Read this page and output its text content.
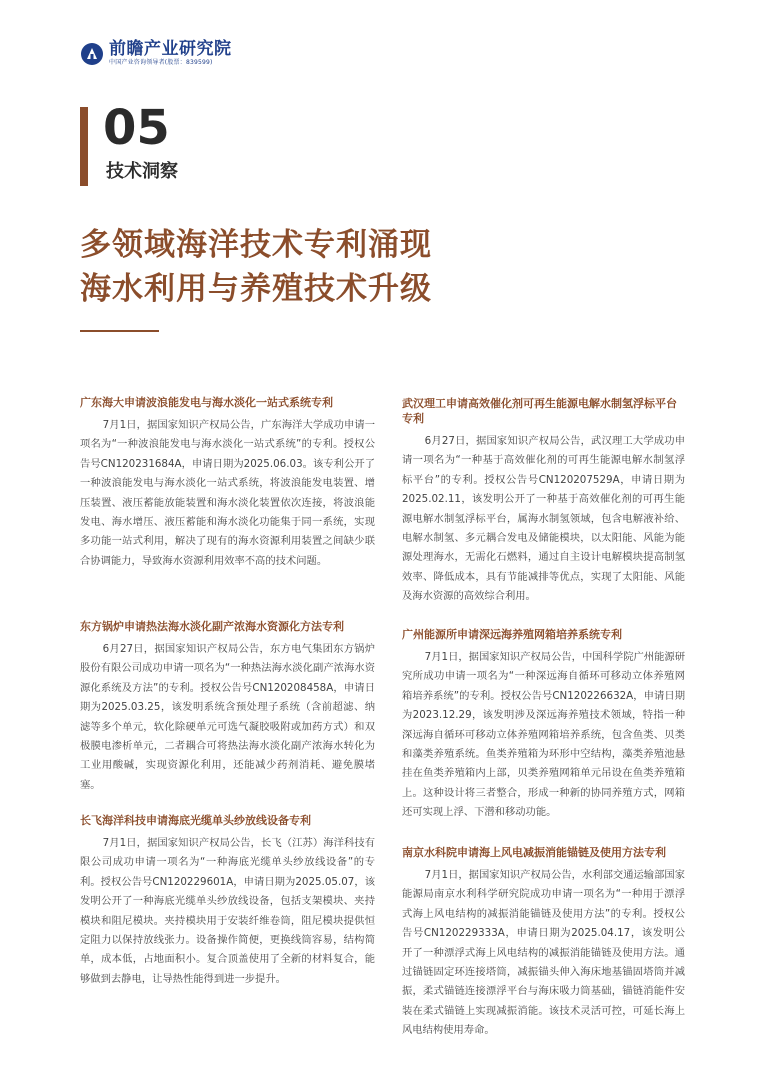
前瞻产业研究院
中国产业咨询领导者(股票：839599)
05
技术洞察
多领域海洋技术专利涌现
海水利用与养殖技术升级

广东海大申请波浪能发电与海水淡化一站式系统专利

7月1日，据国家知识产权局公告，广东海洋大学成功申请一项名为“一种波浪能发电与海水淡化一站式系统”的专利。授权公告号CN120231684A，申请日期为2025.06.03。该专利公开了一种波浪能发电与海水淡化一站式系统，将波浪能发电装置、增压装置、液压蓄能放能装置和海水淡化装置依次连接，将波浪能发电、海水增压、液压蓄能和海水淡化功能集于同一系统，实现多功能一站式利用，解决了现有的海水资源利用装置之间缺少联合协调能力，导致海水资源利用效率不高的技术问题。

东方锅炉申请热法海水淡化副产浓海水资源化方法专利

6月27日，据国家知识产权局公告，东方电气集团东方锅炉股份有限公司成功申请一项名为“一种热法海水淡化副产浓海水资源化系统及方法”的专利。授权公告号CN120208458A，申请日期为2025.03.25，该发明系统含预处理子系统（含前超滤、纳滤等多个单元，软化除硬单元可选气凝胶吸附或加药方式）和双极膜电渗析单元，二者耦合可将热法海水淡化副产浓海水转化为工业用酸碱，实现资源化利用，还能减少药剂消耗、避免膜堵塞。

长飞海洋科技申请海底光缆单头纱放线设备专利

7月1日，据国家知识产权局公告，长飞（江苏）海洋科技有限公司成功申请一项名为“一种海底光缆单头纱放线设备”的专利。授权公告号CN120229601A，申请日期为2025.05.07，该发明公开了一种海底光缆单头纱放线设备，包括支架模块、夹持模块和阻尼模块。夹持模块用于安装纤维卷筒，阻尼模块提供恒定阻力以保持放线张力。设备操作简便，更换线筒容易，结构简单，成本低，占地面积小。复合顶盖使用了全新的材料复合，能够做到去静电，让导热性能得到进一步提升。

武汉理工申请高效催化剂可再生能源电解水制氢浮标平台专利

6月27日，据国家知识产权局公告，武汉理工大学成功申请一项名为“一种基于高效催化剂的可再生能源电解水制氢浮标平台”的专利。授权公告号CN120207529A，申请日期为2025.02.11，该发明公开了一种基于高效催化剂的可再生能源电解水制氢浮标平台，属海水制氢领域，包含电解液补给、电解水制氢、多元耦合发电及储能模块，以太阳能、风能为能源处理海水，无需化石燃料，通过自主设计电解模块提高制氢效率、降低成本，具有节能减排等优点，实现了太阳能、风能及海水资源的高效综合利用。

广州能源所申请深远海养殖网箱培养系统专利

7月1日，据国家知识产权局公告，中国科学院广州能源研究所成功申请一项名为“一种深远海自循环可移动立体养殖网箱培养系统”的专利。授权公告号CN120226632A，申请日期为2023.12.29，该发明涉及深远海养殖技术领域，特指一种深远海自循环可移动立体养殖网箱培养系统，包含鱼类、贝类和藻类养殖系统。鱼类养殖箱为环形中空结构，藻类养殖池悬挂在鱼类养殖箱内上部，贝类养殖网箱单元吊设在鱼类养殖箱上。这种设计将三者整合，形成一种新的协同养殖方式，网箱还可实现上浮、下潜和移动功能。

南京水科院申请海上风电减振消能锚链及使用方法专利

7月1日，据国家知识产权局公告，水利部交通运输部国家能源局南京水利科学研究院成功申请一项名为“一种用于漂浮式海上风电结构的减振消能锚链及使用方法”的专利。授权公告号CN120229333A，申请日期为2025.04.17，该发明公开了一种漂浮式海上风电结构的减振消能锚链及使用方法。通过锚链固定环连接塔筒，减振锚头伸入海床地基锚固塔筒并减振，柔式锚链连接漂浮平台与海床吸力筒基础，锚链消能件安装在柔式锚链上实现减振消能。该技术灵活可控，可延长海上风电结构使用寿命。
